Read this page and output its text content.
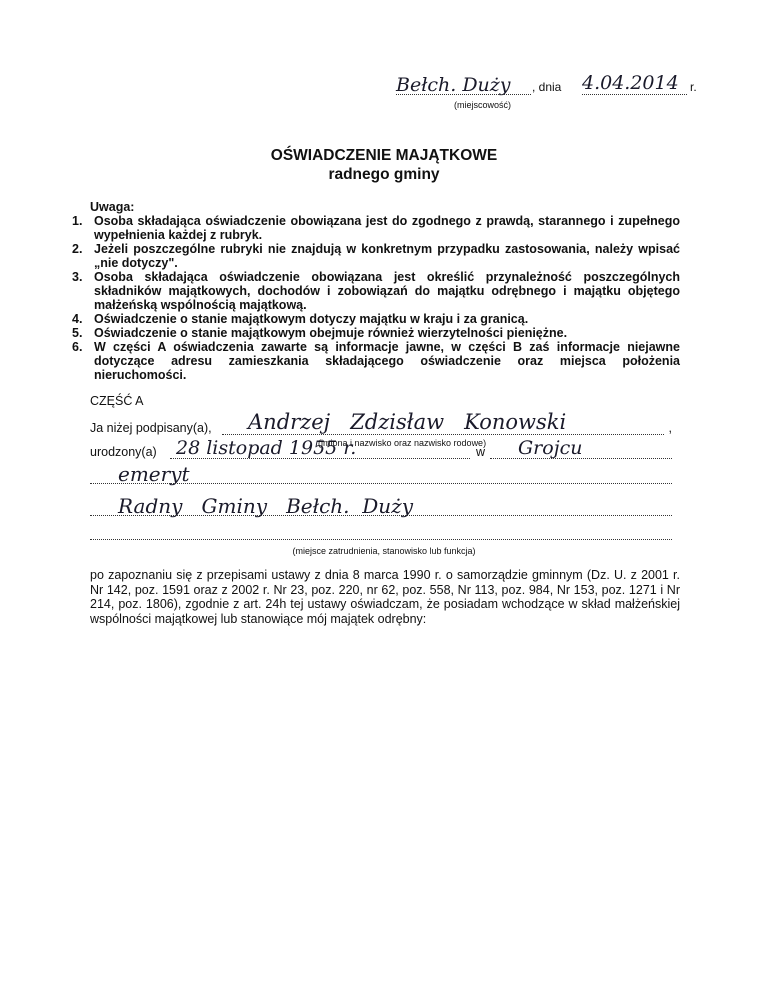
Bełch. Duży , dnia 4.04.2014 r.
(miejscowość)
OŚWIADCZENIE MAJĄTKOWE
radnego gminy
Uwaga:
1. Osoba składająca oświadczenie obowiązana jest do zgodnego z prawdą, starannego i zupełnego wypełnienia każdej z rubryk.
2. Jeżeli poszczególne rubryki nie znajdują w konkretnym przypadku zastosowania, należy wpisać „nie dotyczy".
3. Osoba składająca oświadczenie obowiązana jest określić przynależność poszczególnych składników majątkowych, dochodów i zobowiązań do majątku odrębnego i majątku objętego małżeńską wspólnością majątkową.
4. Oświadczenie o stanie majątkowym dotyczy majątku w kraju i za granicą.
5. Oświadczenie o stanie majątkowym obejmuje również wierzytelności pieniężne.
6. W części A oświadczenia zawarte są informacje jawne, w części B zaś informacje niejawne dotyczące adresu zamieszkania składającego oświadczenie oraz miejsca położenia nieruchomości.
CZĘŚĆ A
Ja niżej podpisany(a), Andrzej   Zdzisław   Konowski	,
urodzony(a) 28 listopad 1955 r.
(imiona i nazwisko oraz nazwisko rodowe)
w Grojcu
emeryt
Radny   Gminy   Bełch.  Duży
(miejsce zatrudnienia, stanowisko lub funkcja)
po zapoznaniu się z przepisami ustawy z dnia 8 marca 1990 r. o samorządzie gminnym (Dz. U. z 2001 r. Nr 142, poz. 1591 oraz z 2002 r. Nr 23, poz. 220, nr 62, poz. 558, Nr 113, poz. 984, Nr 153, poz. 1271 i Nr 214, poz. 1806), zgodnie z art. 24h tej ustawy oświadczam, że posiadam wchodzące w skład małżeńskiej wspólności majątkowej lub stanowiące mój majątek odrębny:
